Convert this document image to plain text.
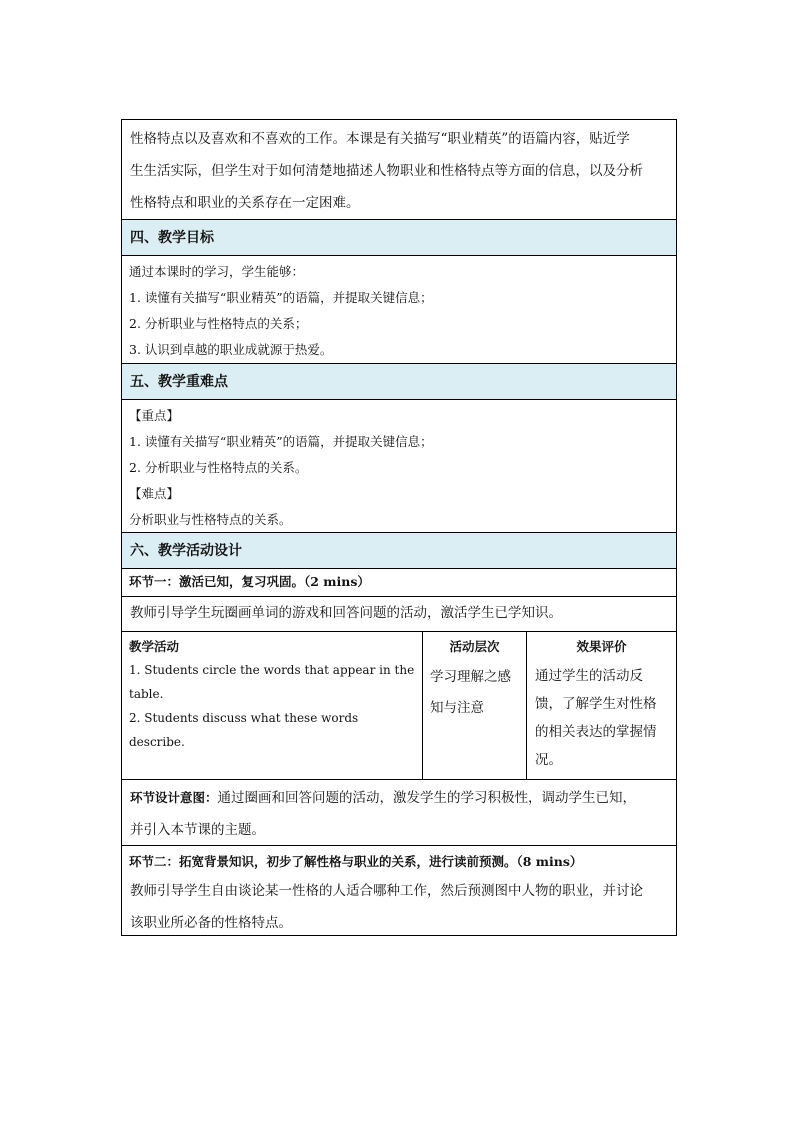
性格特点以及喜欢和不喜欢的工作。本课是有关描写“职业精英”的语篇内容，贴近学
生生活实际，但学生对于如何清楚地描述人物职业和性格特点等方面的信息，以及分析
性格特点和职业的关系存在一定困难。
四、教学目标
通过本课时的学习，学生能够：
1. 读懂有关描写“职业精英”的语篇，并提取关键信息；
2. 分析职业与性格特点的关系；
3. 认识到卓越的职业成就源于热爱。
五、教学重难点
【重点】
1. 读懂有关描写“职业精英”的语篇，并提取关键信息；
2. 分析职业与性格特点的关系。
【难点】
分析职业与性格特点的关系。
六、教学活动设计
环节一：激活已知，复习巩固。（2 mins）
教师引导学生玩圈画单词的游戏和回答问题的活动，激活学生已学知识。
教学活动
1. Students circle the words that appear in the table.
2. Students discuss what these words describe.
活动层次
学习理解之感
知与注意
效果评价
通过学生的活动反
馈，了解学生对性格
的相关表达的掌握情
况。
环节设计意图：通过圈画和回答问题的活动，激发学生的学习积极性，调动学生已知，
并引入本节课的主题。
环节二：拓宽背景知识，初步了解性格与职业的关系，进行读前预测。（8 mins）
教师引导学生自由谈论某一性格的人适合哪种工作，然后预测图中人物的职业，并讨论
该职业所必备的性格特点。
